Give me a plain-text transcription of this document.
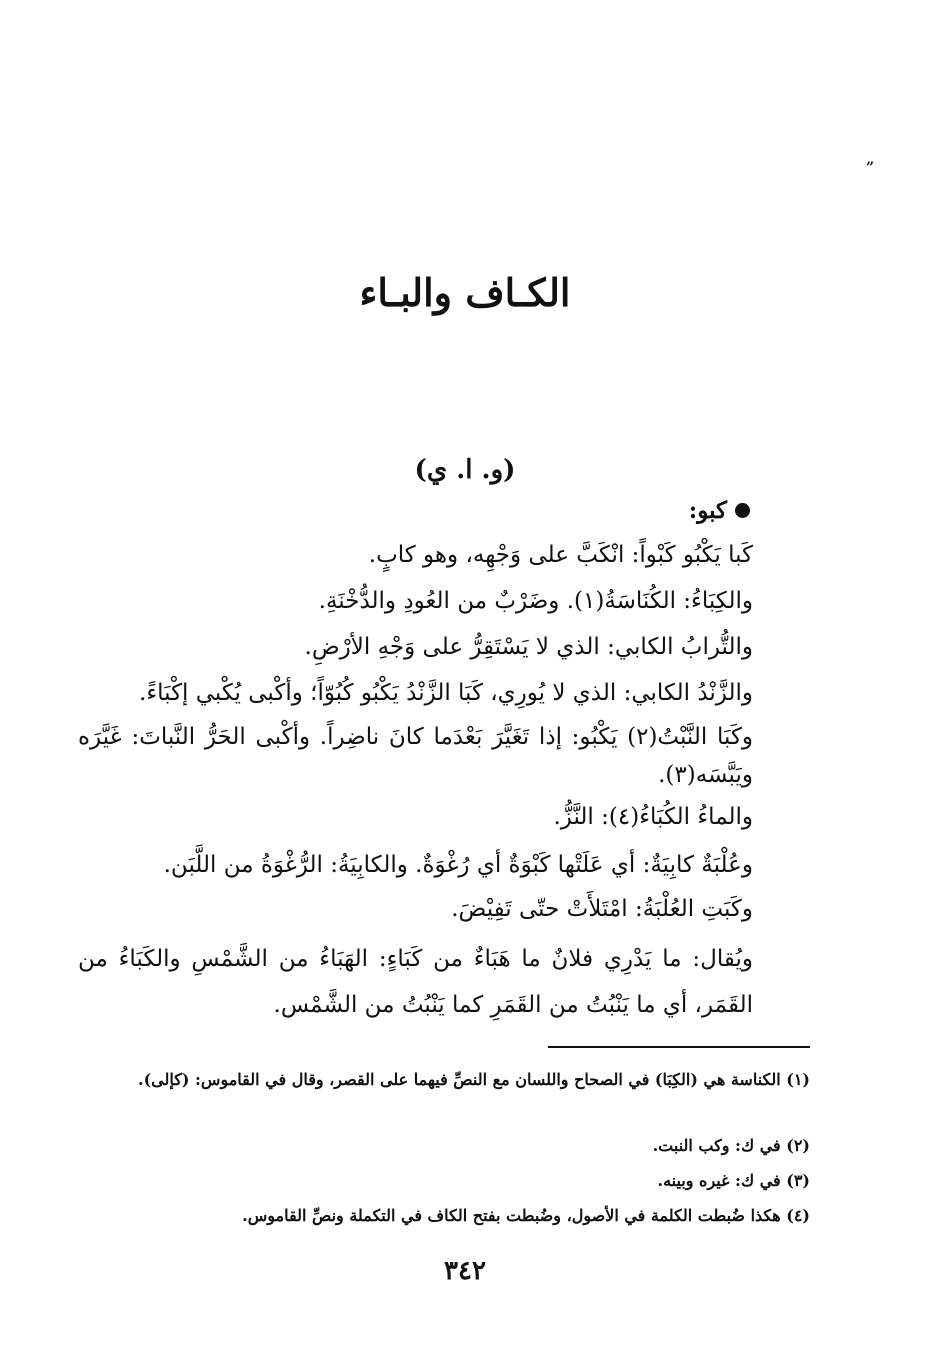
”
الكـاف والبـاء
(و. ا. ي)
كبو:
كَبا يَكْبُو كَبْواً: انْكَبَّ على وَجْهِه، وهو كابٍ.
والكِبَاءُ: الكُنَاسَةُ(١). وضَرْبٌ من العُودِ والدُّخْنَةِ.
والتُّرابُ الكابي: الذي لا يَسْتَقِرُّ على وَجْهِ الأرْضِ.
والزَّنْدُ الكابي: الذي لا يُورِي، كَبَا الزَّنْدُ يَكْبُو كُبُوّاً؛ وأكْبى يُكْبي إكْبَاءً.
وكَبَا النَّبْتُ(٢) يَكْبُو: إذا تَغَيَّرَ بَعْدَما كانَ ناضِراً. وأكْبى الحَرُّ النَّباتَ: غَيَّرَه ويَبَّسَه(٣).
والماءُ الكُبَاءُ(٤): النَّزُّ.
وعُلْبَةٌ كابِيَةٌ: أي عَلَتْها كَبْوَةٌ أي رُغْوَةٌ. والكابِيَةُ: الرُّغْوَةُ من اللَّبَن.
وكَبَتِ العُلْبَةُ: امْتَلأَتْ حتّى تَفِيْضَ.
ويُقال: ما يَدْرِي فلانٌ ما هَبَاءٌ من كَبَاءٍ: الهَبَاءُ من الشَّمْسِ والكَبَاءُ من القَمَر، أي ما يَنْبُتُ من القَمَرِ كما يَنْبُتُ من الشَّمْس.
(١) الكناسة هي (الكِبَا) في الصحاح واللسان مع النصِّ فيهما على القصر، وقال في القاموس: (كإلى).
(٢) في ك: وكب النبت.
(٣) في ك: غيره وبينه.
(٤) هكذا ضُبطت الكلمة في الأصول، وضُبطت بفتح الكاف في التكملة ونصِّ القاموس.
٣٤٢
